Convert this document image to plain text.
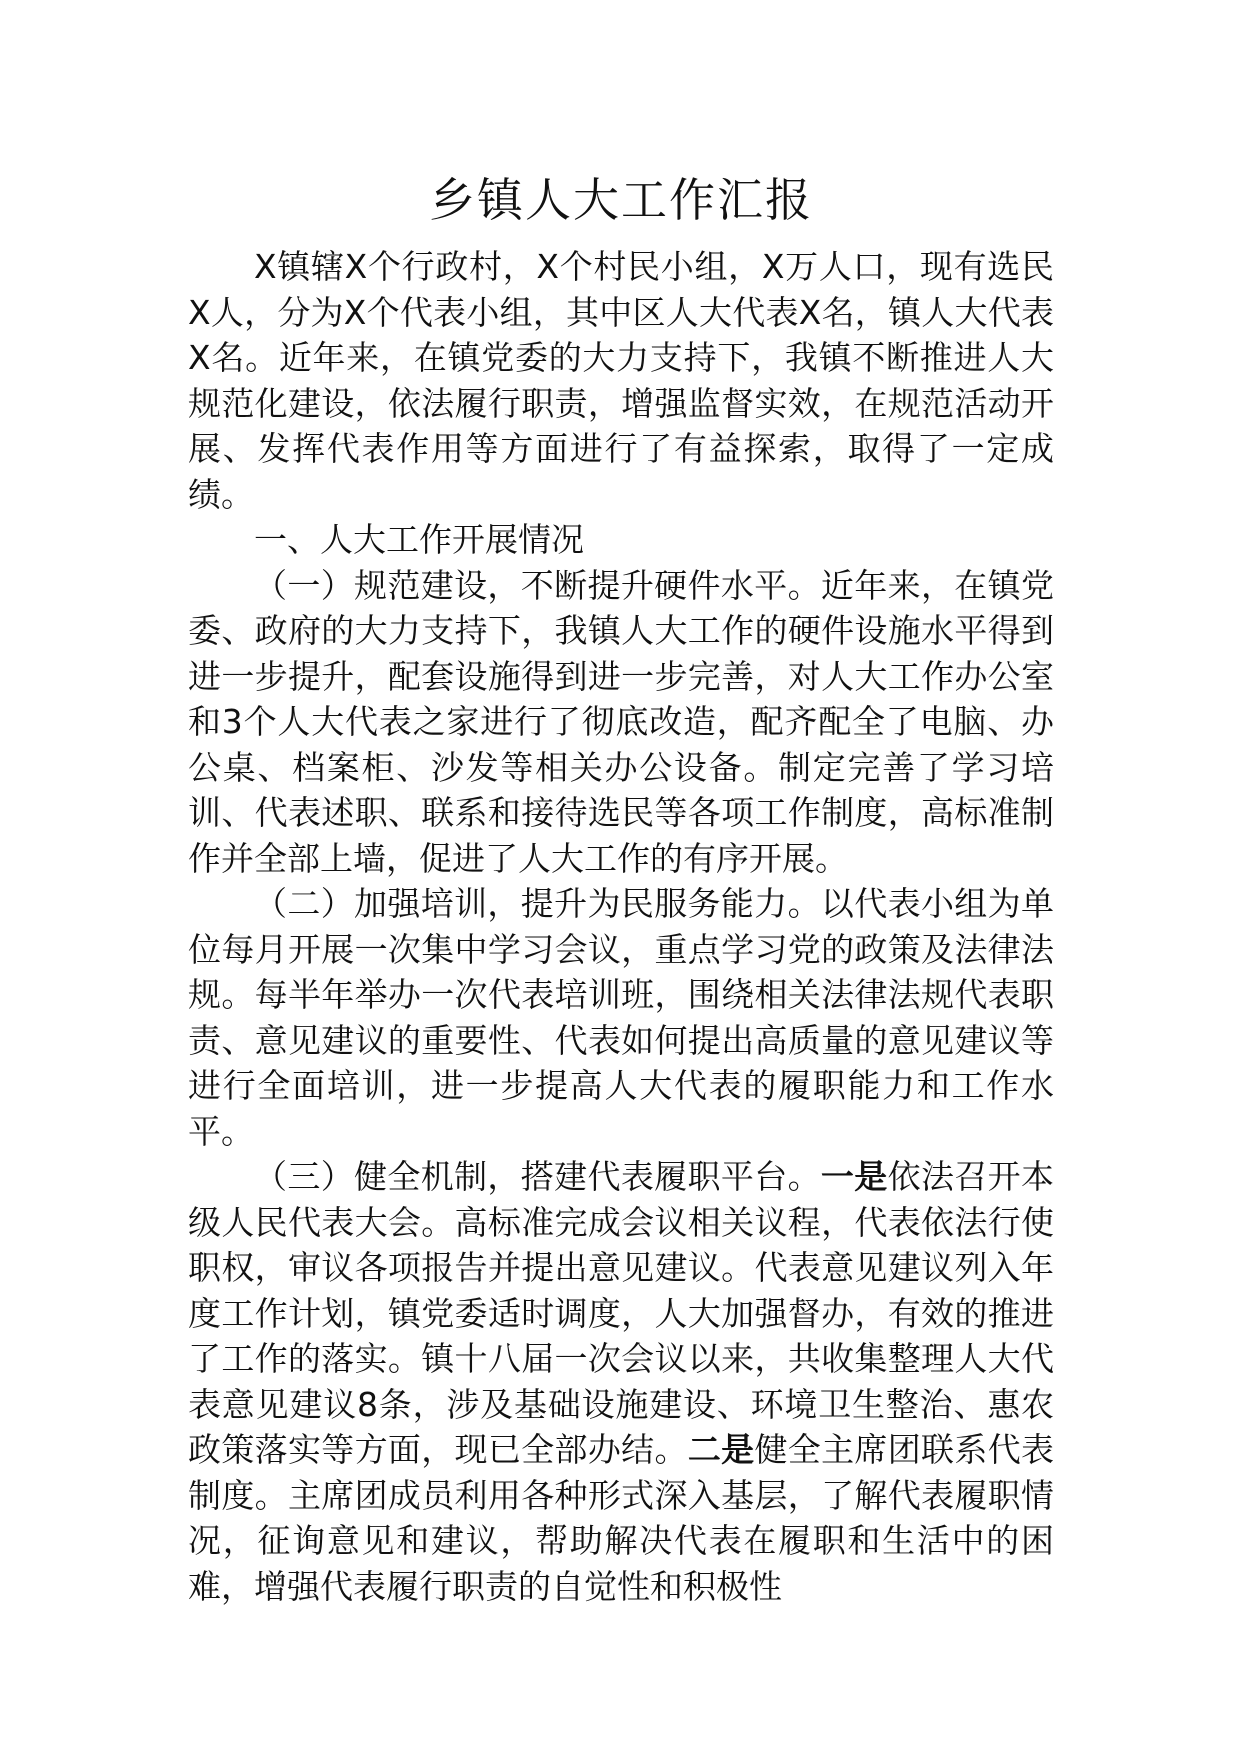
乡镇人大工作汇报

X镇辖X个行政村，X个村民小组，X万人口，现有选民X人，分为X个代表小组，其中区人大代表X名，镇人大代表X名。近年来，在镇党委的大力支持下，我镇不断推进人大规范化建设，依法履行职责，增强监督实效，在规范活动开展、发挥代表作用等方面进行了有益探索，取得了一定成绩。

一、人大工作开展情况

（一）规范建设，不断提升硬件水平。近年来，在镇党委、政府的大力支持下，我镇人大工作的硬件设施水平得到进一步提升，配套设施得到进一步完善，对人大工作办公室和3个人大代表之家进行了彻底改造，配齐配全了电脑、办公桌、档案柜、沙发等相关办公设备。制定完善了学习培训、代表述职、联系和接待选民等各项工作制度，高标准制作并全部上墙，促进了人大工作的有序开展。

（二）加强培训，提升为民服务能力。以代表小组为单位每月开展一次集中学习会议，重点学习党的政策及法律法规。每半年举办一次代表培训班，围绕相关法律法规代表职责、意见建议的重要性、代表如何提出高质量的意见建议等进行全面培训，进一步提高人大代表的履职能力和工作水平。

（三）健全机制，搭建代表履职平台。一是依法召开本级人民代表大会。高标准完成会议相关议程，代表依法行使职权，审议各项报告并提出意见建议。代表意见建议列入年度工作计划，镇党委适时调度，人大加强督办，有效的推进了工作的落实。镇十八届一次会议以来，共收集整理人大代表意见建议8条，涉及基础设施建设、环境卫生整治、惠农政策落实等方面，现已全部办结。二是健全主席团联系代表制度。主席团成员利用各种形式深入基层，了解代表履职情况，征询意见和建议，帮助解决代表在履职和生活中的困难，增强代表履行职责的自觉性和积极性
